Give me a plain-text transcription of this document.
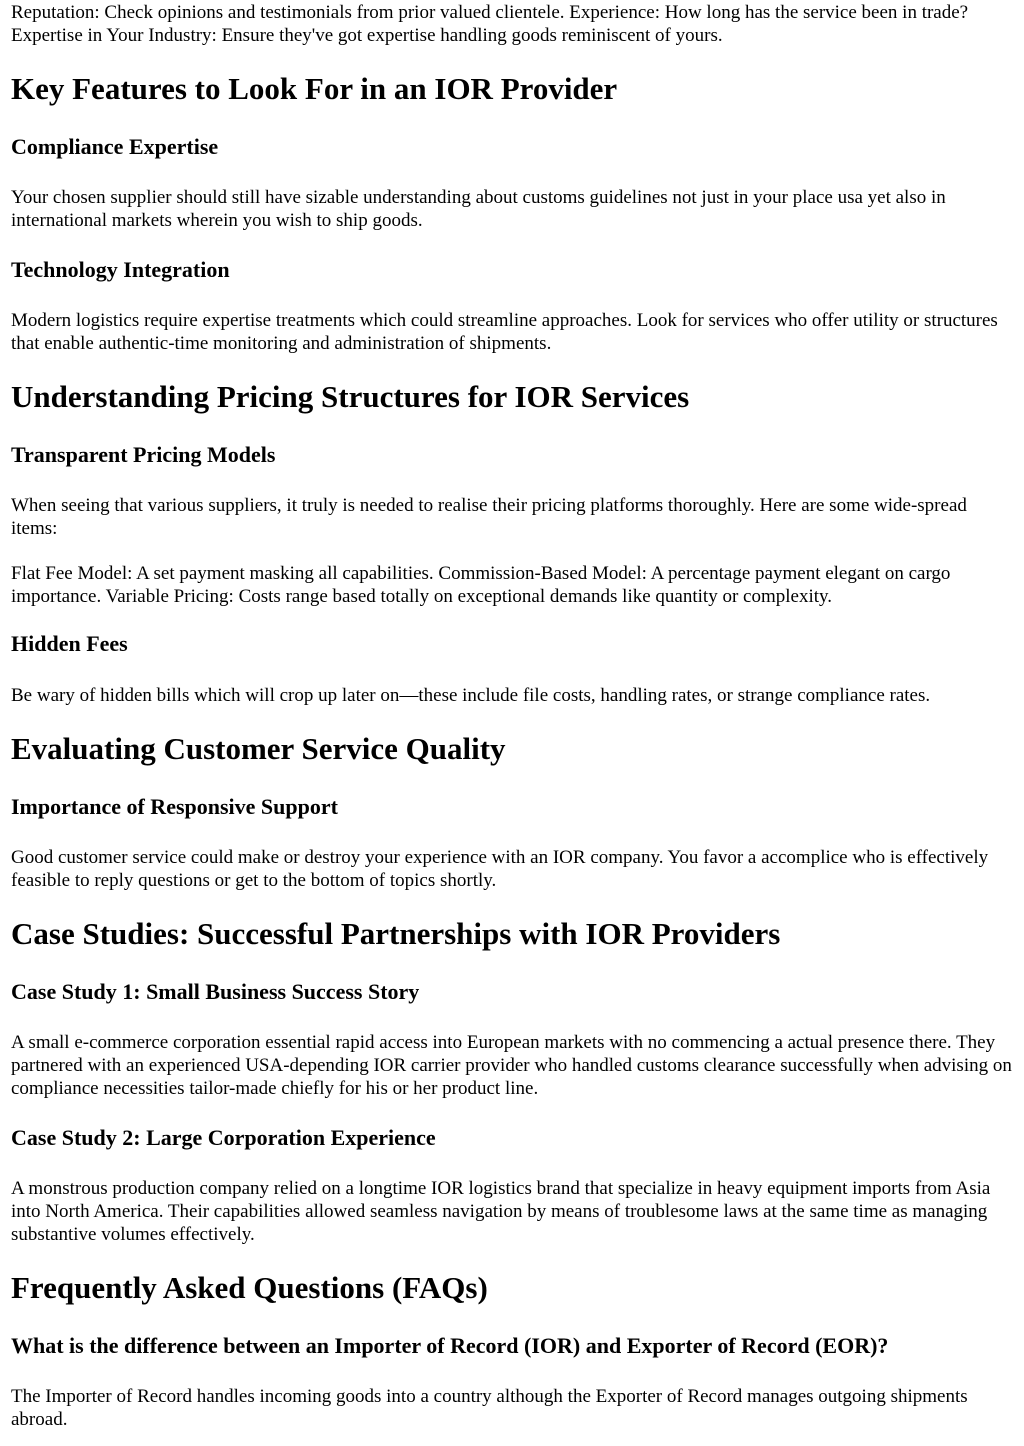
Reputation: Check opinions and testimonials from prior valued clientele. Experience: How long has the service been in trade? Expertise in Your Industry: Ensure they've got expertise handling goods reminiscent of yours.

Key Features to Look For in an IOR Provider
Compliance Expertise

Your chosen supplier should still have sizable understanding about customs guidelines not just in your place usa yet also in international markets wherein you wish to ship goods.

Technology Integration

Modern logistics require expertise treatments which could streamline approaches. Look for services who offer utility or structures that enable authentic-time monitoring and administration of shipments.

Understanding Pricing Structures for IOR Services
Transparent Pricing Models

When seeing that various suppliers, it truly is needed to realise their pricing platforms thoroughly. Here are some wide-spread items:

Flat Fee Model: A set payment masking all capabilities. Commission-Based Model: A percentage payment elegant on cargo importance. Variable Pricing: Costs range based totally on exceptional demands like quantity or complexity.

Hidden Fees

Be wary of hidden bills which will crop up later on—these include file costs, handling rates, or strange compliance rates.

Evaluating Customer Service Quality
Importance of Responsive Support

Good customer service could make or destroy your experience with an IOR company. You favor a accomplice who is effectively feasible to reply questions or get to the bottom of topics shortly.

Case Studies: Successful Partnerships with IOR Providers
Case Study 1: Small Business Success Story

A small e-commerce corporation essential rapid access into European markets with no commencing a actual presence there. They partnered with an experienced USA-depending IOR carrier provider who handled customs clearance successfully when advising on compliance necessities tailor-made chiefly for his or her product line.

Case Study 2: Large Corporation Experience

A monstrous production company relied on a longtime IOR logistics brand that specialize in heavy equipment imports from Asia into North America. Their capabilities allowed seamless navigation by means of troublesome laws at the same time as managing substantive volumes effectively.

Frequently Asked Questions (FAQs)
What is the difference between an Importer of Record (IOR) and Exporter of Record (EOR)?

The Importer of Record handles incoming goods into a country although the Exporter of Record manages outgoing shipments abroad.
